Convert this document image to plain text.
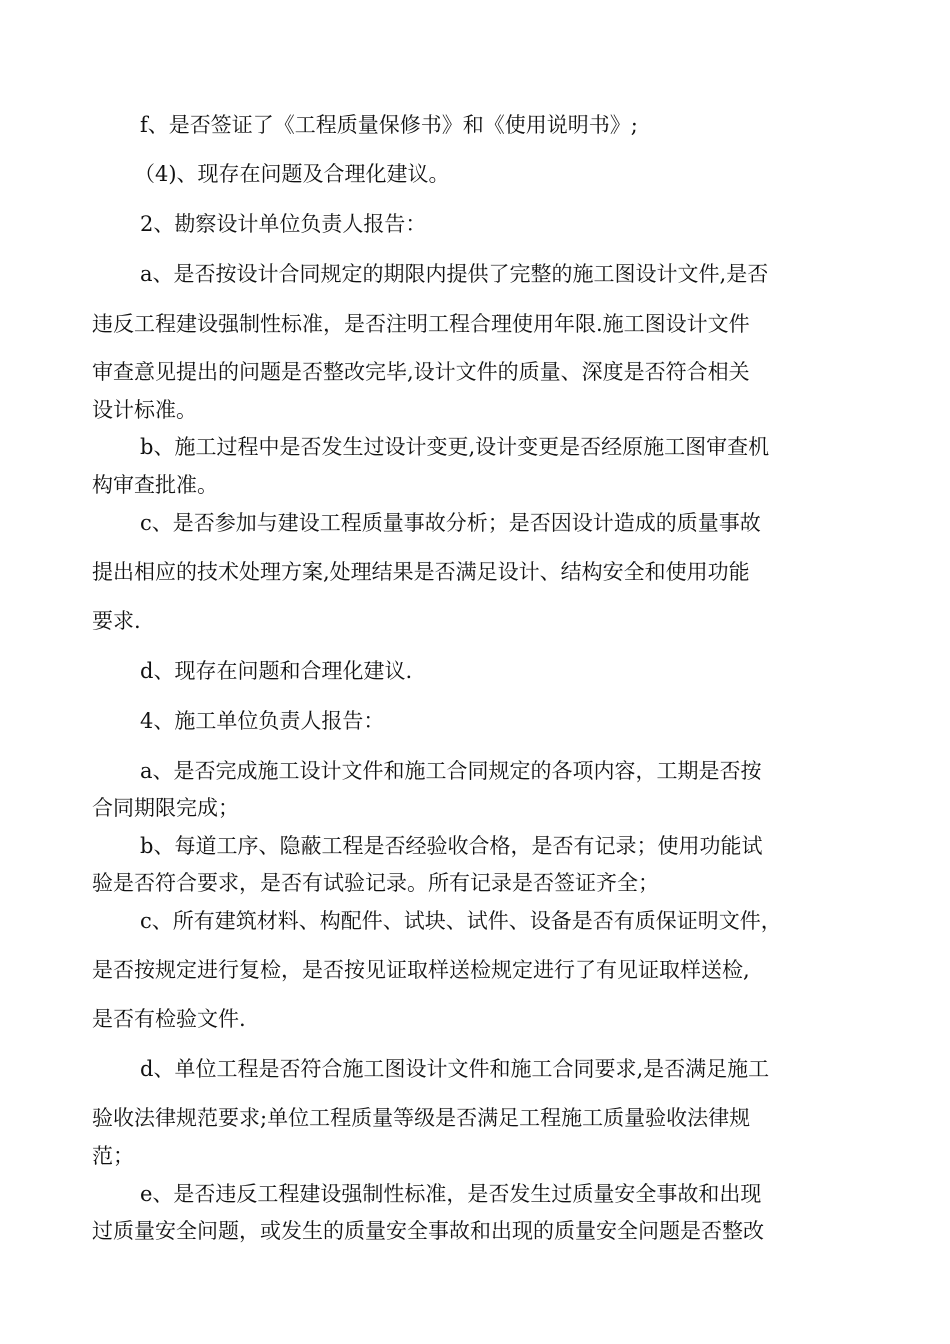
f、是否签证了《工程质量保修书》和《使用说明书》;

（4)、现存在问题及合理化建议。

2、勘察设计单位负责人报告：

a、是否按设计合同规定的期限内提供了完整的施工图设计文件,是否

违反工程建设强制性标准，是否注明工程合理使用年限.施工图设计文件

审查意见提出的问题是否整改完毕,设计文件的质量、深度是否符合相关

设计标准。

b、施工过程中是否发生过设计变更,设计变更是否经原施工图审查机

构审查批准。

c、是否参加与建设工程质量事故分析；是否因设计造成的质量事故

提出相应的技术处理方案,处理结果是否满足设计、结构安全和使用功能

要求.

d、现存在问题和合理化建议.

4、施工单位负责人报告：

a、是否完成施工设计文件和施工合同规定的各项内容，工期是否按

合同期限完成；

b、每道工序、隐蔽工程是否经验收合格，是否有记录；使用功能试

验是否符合要求，是否有试验记录。所有记录是否签证齐全；

c、所有建筑材料、构配件、试块、试件、设备是否有质保证明文件，

是否按规定进行复检，是否按见证取样送检规定进行了有见证取样送检,

是否有检验文件.

d、单位工程是否符合施工图设计文件和施工合同要求,是否满足施工

验收法律规范要求;单位工程质量等级是否满足工程施工质量验收法律规

范；

e、是否违反工程建设强制性标准，是否发生过质量安全事故和出现

过质量安全问题，或发生的质量安全事故和出现的质量安全问题是否整改
